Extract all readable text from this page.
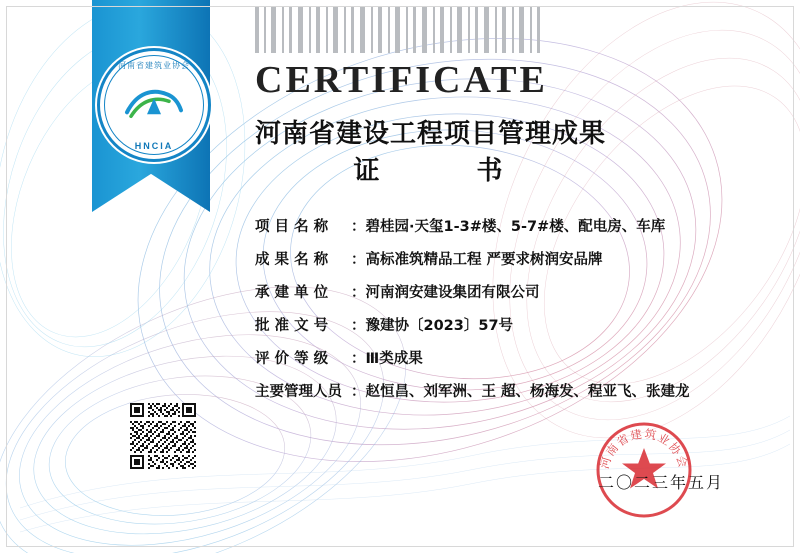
河南省建筑业协会
HNCIA
CERTIFICATE
河南省建设工程项目管理成果
证 书
项 目 名 称	： 碧桂园·天玺1-3#楼、5-7#楼、配电房、车库
成 果 名 称	： 高标准筑精品工程 严要求树润安品牌
承 建 单 位	： 河南润安建设集团有限公司
批 准 文 号	： 豫建协〔2023〕57号
评 价 等 级	： Ⅲ类成果
主要管理人员 ： 赵恒昌、刘军洲、王 超、杨海发、程亚飞、张建龙
河南省建筑业协会
二〇二三年五月
